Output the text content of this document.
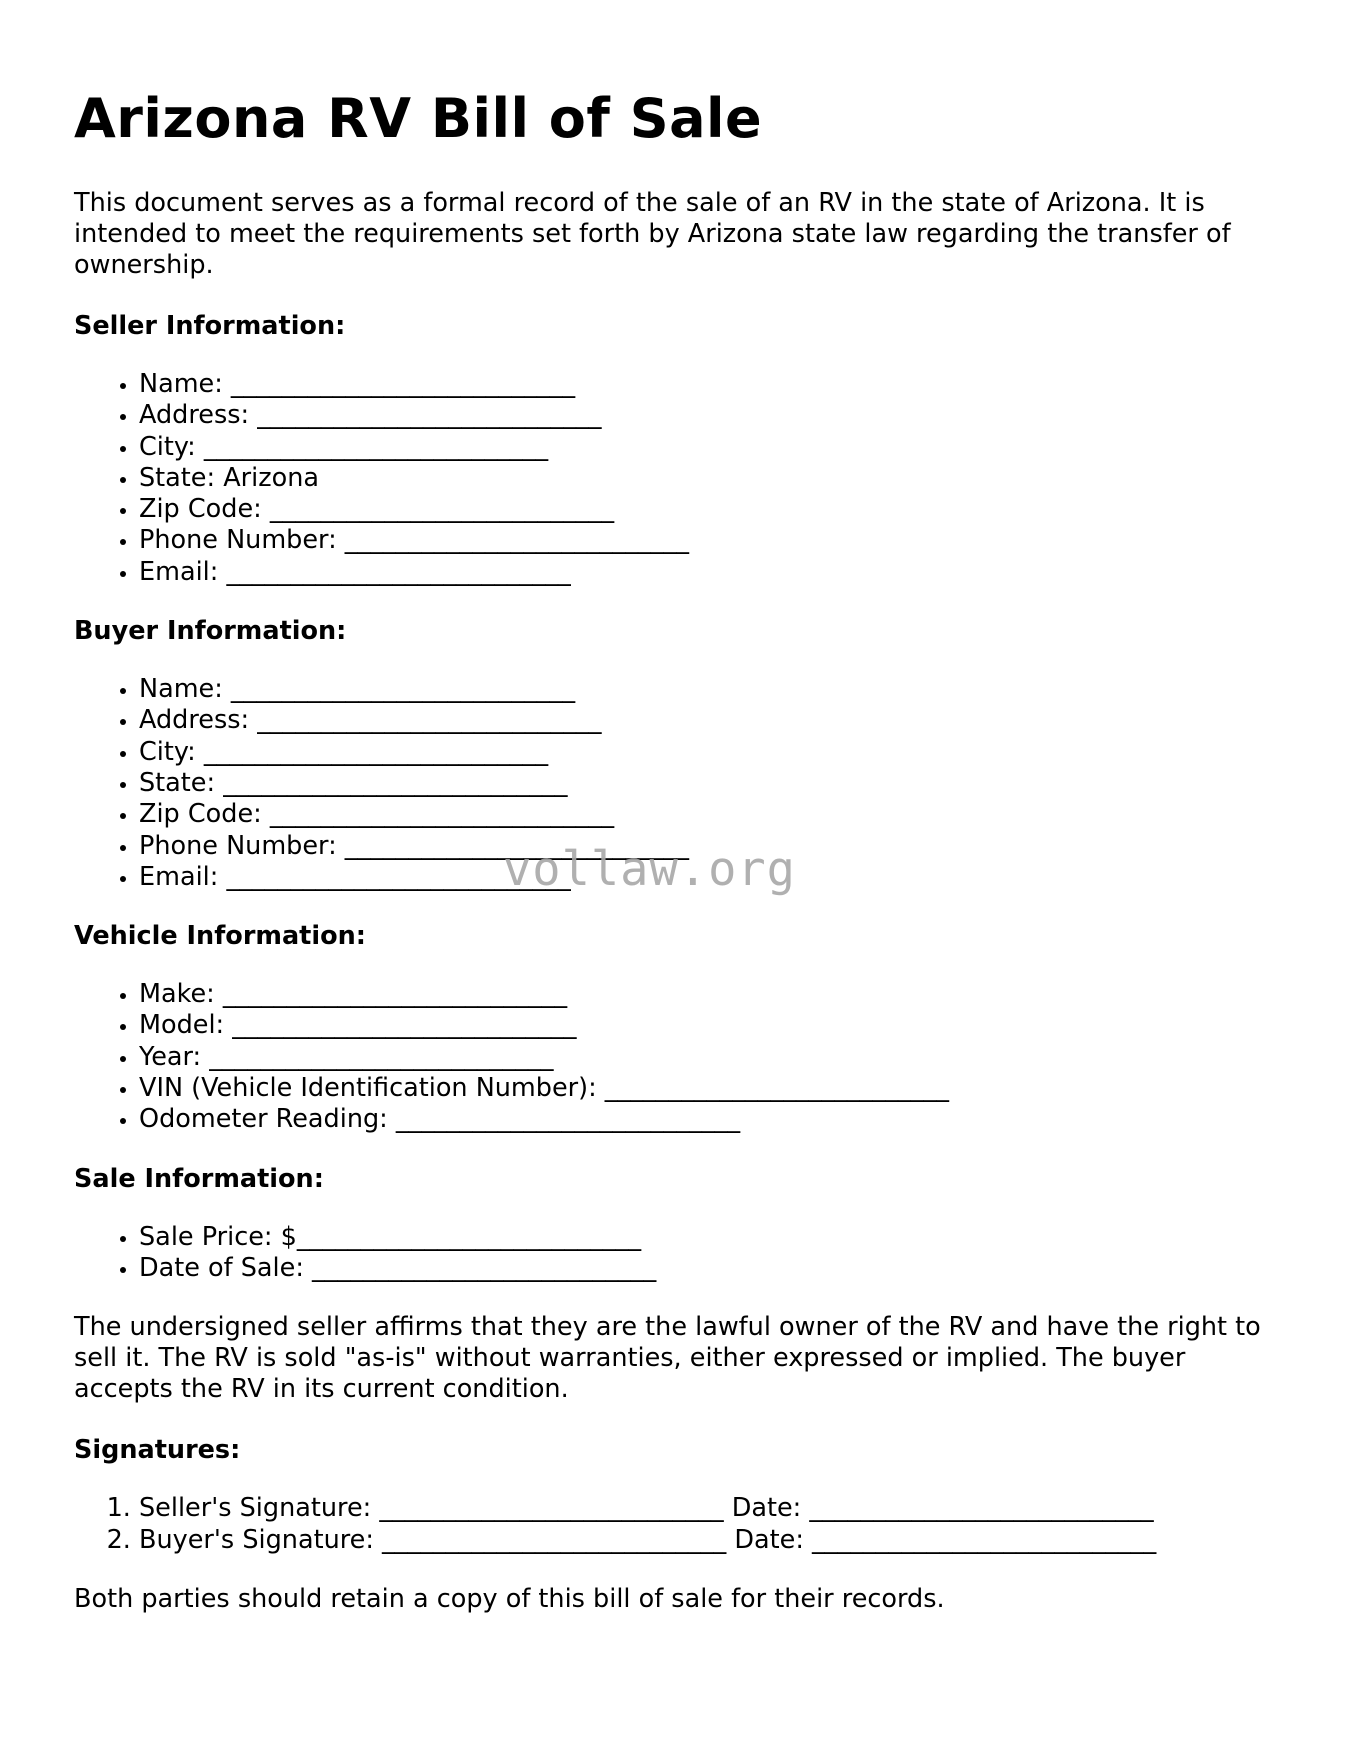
Arizona RV Bill of Sale

This document serves as a formal record of the sale of an RV in the state of Arizona. It is intended to meet the requirements set forth by Arizona state law regarding the transfer of ownership.

Seller Information:
• Name: ___________________________
• Address: ___________________________
• City: ___________________________
• State: Arizona
• Zip Code: ___________________________
• Phone Number: ___________________________
• Email: ___________________________
Buyer Information:
• Name: ___________________________
• Address: ___________________________
• City: ___________________________
• State: ___________________________
• Zip Code: ___________________________
• Phone Number: ___________________________
• Email: ___________________________
Vehicle Information:
• Make: ___________________________
• Model: ___________________________
• Year: ___________________________
• VIN (Vehicle Identification Number): ___________________________
• Odometer Reading: ___________________________
Sale Information:
• Sale Price: $___________________________
• Date of Sale: ___________________________

The undersigned seller affirms that they are the lawful owner of the RV and have the right to sell it. The RV is sold "as-is" without warranties, either expressed or implied. The buyer accepts the RV in its current condition.

Signatures:
1. Seller's Signature: ___________________________ Date: ___________________________
2. Buyer's Signature: ___________________________ Date: ___________________________

Both parties should retain a copy of this bill of sale for their records.

vollaw.org
